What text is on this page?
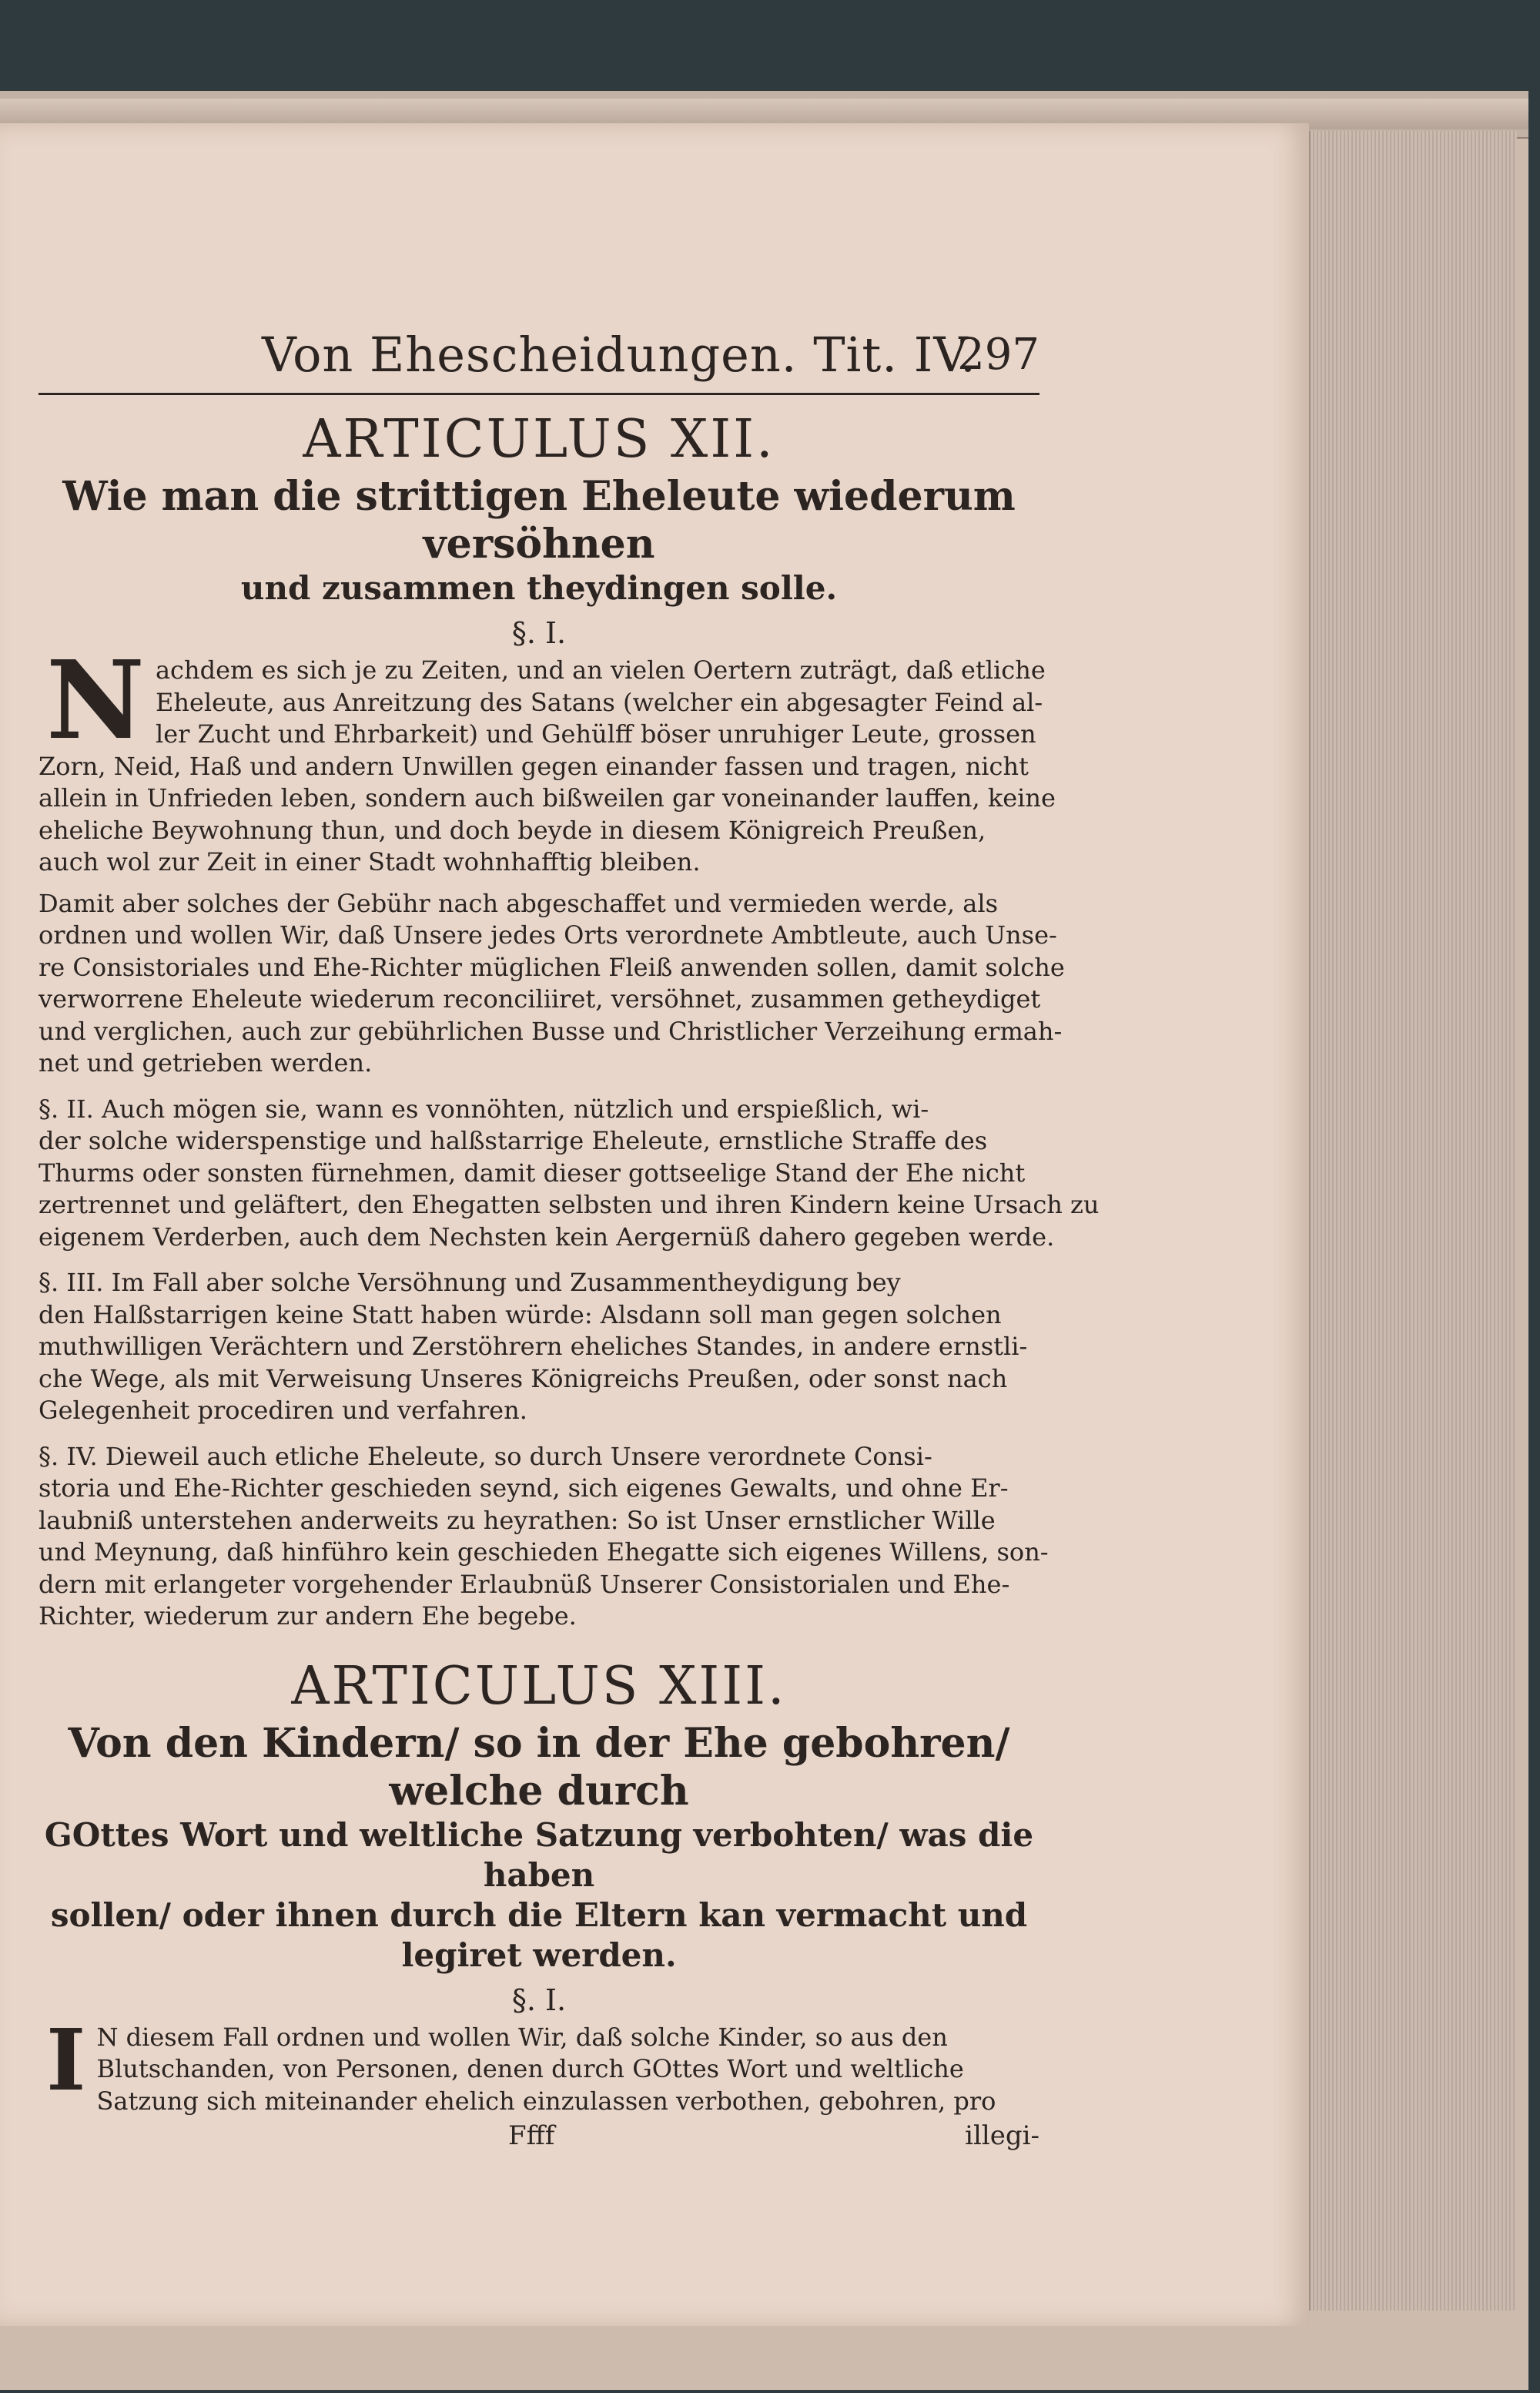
Von Ehescheidungen. Tit. IV.
297
ARTICULUS XII.
Wie man die strittigen Eheleute wiederum versöhnen
und zusammen theydingen solle.
§. I.
N achdem es sich je zu Zeiten, und an vielen Oertern zuträgt, daß etliche
Eheleute, aus Anreitzung des Satans (welcher ein abgesagter Feind al-
ler Zucht und Ehrbarkeit) und Gehülff böser unruhiger Leute, grossen
Zorn, Neid, Haß und andern Unwillen gegen einander fassen und tragen, nicht
allein in Unfrieden leben, sondern auch bißweilen gar voneinander lauffen, keine
eheliche Beywohnung thun, und doch beyde in diesem Königreich Preußen,
auch wol zur Zeit in einer Stadt wohnhafftig bleiben.
Damit aber solches der Gebühr nach abgeschaffet und vermieden werde, als
ordnen und wollen Wir, daß Unsere jedes Orts verordnete Ambtleute, auch Unse-
re Consistoriales und Ehe-Richter müglichen Fleiß anwenden sollen, damit solche
verworrene Eheleute wiederum reconciliiret, versöhnet, zusammen getheydiget
und verglichen, auch zur gebührlichen Busse und Christlicher Verzeihung ermah-
net und getrieben werden.
§. II. Auch mögen sie, wann es vonnöhten, nützlich und erspießlich, wi-
der solche widerspenstige und halßstarrige Eheleute, ernstliche Straffe des
Thurms oder sonsten fürnehmen, damit dieser gottseelige Stand der Ehe nicht
zertrennet und geläftert, den Ehegatten selbsten und ihren Kindern keine Ursach zu
eigenem Verderben, auch dem Nechsten kein Aergernüß dahero gegeben werde.
§. III. Im Fall aber solche Versöhnung und Zusammentheydigung bey
den Halßstarrigen keine Statt haben würde: Alsdann soll man gegen solchen
muthwilligen Verächtern und Zerstöhrern eheliches Standes, in andere ernstli-
che Wege, als mit Verweisung Unseres Königreichs Preußen, oder sonst nach
Gelegenheit procediren und verfahren.
§. IV. Dieweil auch etliche Eheleute, so durch Unsere verordnete Consi-
storia und Ehe-Richter geschieden seynd, sich eigenes Gewalts, und ohne Er-
laubniß unterstehen anderweits zu heyrathen: So ist Unser ernstlicher Wille
und Meynung, daß hinführo kein geschieden Ehegatte sich eigenes Willens, son-
dern mit erlangeter vorgehender Erlaubnüß Unserer Consistorialen und Ehe-
Richter, wiederum zur andern Ehe begebe.
ARTICULUS XIII.
Von den Kindern/ so in der Ehe gebohren/ welche durch
GOttes Wort und weltliche Satzung verbohten/ was die haben
sollen/ oder ihnen durch die Eltern kan vermacht und
legiret werden.
§. I.
I N diesem Fall ordnen und wollen Wir, daß solche Kinder, so aus den
Blutschanden, von Personen, denen durch GOttes Wort und weltliche
Satzung sich miteinander ehelich einzulassen verbothen, gebohren, pro
Ffff	illegi-
